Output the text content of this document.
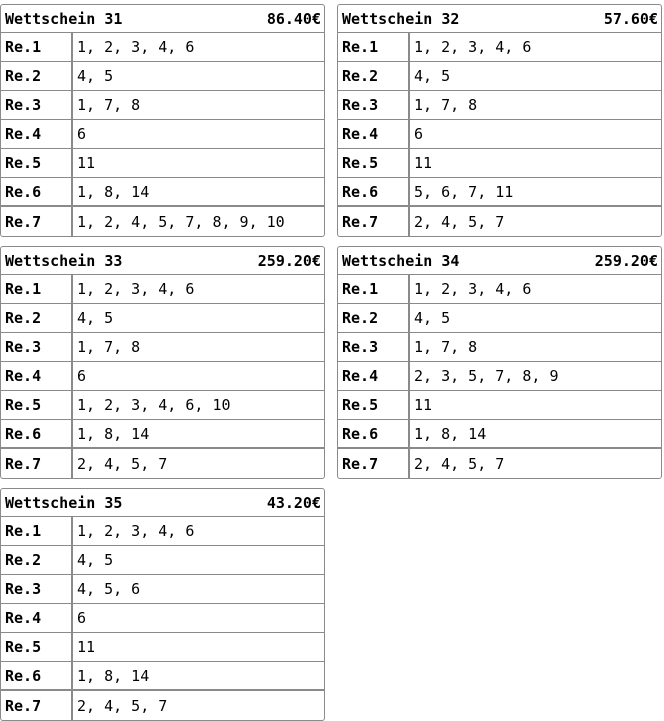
Wettschein 31	86.40€
Re.1	1, 2, 3, 4, 6
Re.2	4, 5
Re.3	1, 7, 8
Re.4	6
Re.5	11
Re.6	1, 8, 14
Re.7	1, 2, 4, 5, 7, 8, 9, 10
Wettschein 32	57.60€
Re.1	1, 2, 3, 4, 6
Re.2	4, 5
Re.3	1, 7, 8
Re.4	6
Re.5	11
Re.6	5, 6, 7, 11
Re.7	2, 4, 5, 7
Wettschein 33	259.20€
Re.1	1, 2, 3, 4, 6
Re.2	4, 5
Re.3	1, 7, 8
Re.4	6
Re.5	1, 2, 3, 4, 6, 10
Re.6	1, 8, 14
Re.7	2, 4, 5, 7
Wettschein 34	259.20€
Re.1	1, 2, 3, 4, 6
Re.2	4, 5
Re.3	1, 7, 8
Re.4	2, 3, 5, 7, 8, 9
Re.5	11
Re.6	1, 8, 14
Re.7	2, 4, 5, 7
Wettschein 35	43.20€
Re.1	1, 2, 3, 4, 6
Re.2	4, 5
Re.3	4, 5, 6
Re.4	6
Re.5	11
Re.6	1, 8, 14
Re.7	2, 4, 5, 7
